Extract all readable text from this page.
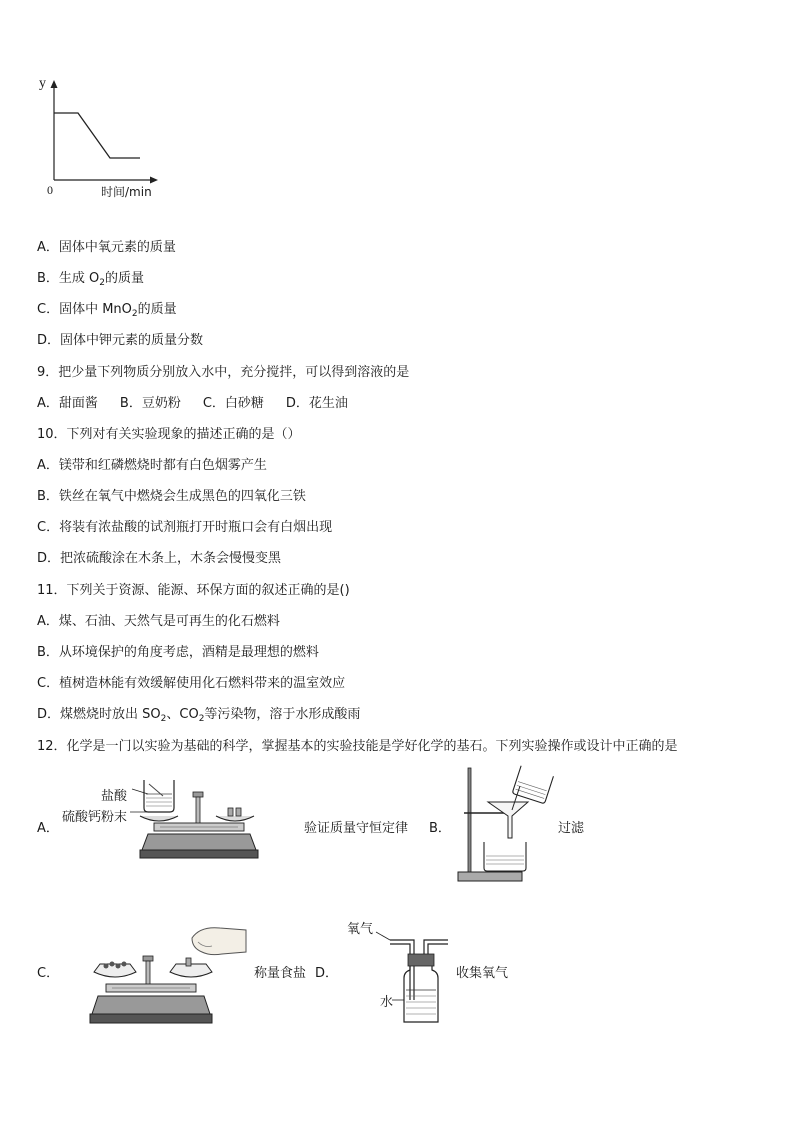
y
0	时间/min
A．固体中氧元素的质量
B．生成 $O_2$的质量
C．固体中 MnO$_2$的质量
D．固体中钾元素的质量分数
9．把少量下列物质分别放入水中，充分搅拌，可以得到溶液的是
A．甜面酱 B．豆奶粉 C．白砂糖 D．花生油
10．下列对有关实验现象的描述正确的是（）
A．镁带和红磷燃烧时都有白色烟雾产生
B．铁丝在氧气中燃烧会生成黑色的四氧化三铁
C．将装有浓盐酸的试剂瓶打开时瓶口会有白烟出现
D．把浓硫酸涂在木条上，木条会慢慢变黑
11．下列关于资源、能源、环保方面的叙述正确的是()
A．煤、石油、天然气是可再生的化石燃料
B．从环境保护的角度考虑，酒精是最理想的燃料
C．植树造林能有效缓解使用化石燃料带来的温室效应
D．煤燃烧时放出 $SO_2$、$CO_2$等污染物，溶于水形成酸雨
12．化学是一门以实验为基础的科学，掌握基本的实验技能是学好化学的基石。下列实验操作或设计中正确的是
A．
盐酸
硫酸钙粉末
验证质量守恒定律 B．	过滤
C．	称量食盐 D．
氧气
水
收集氧气
